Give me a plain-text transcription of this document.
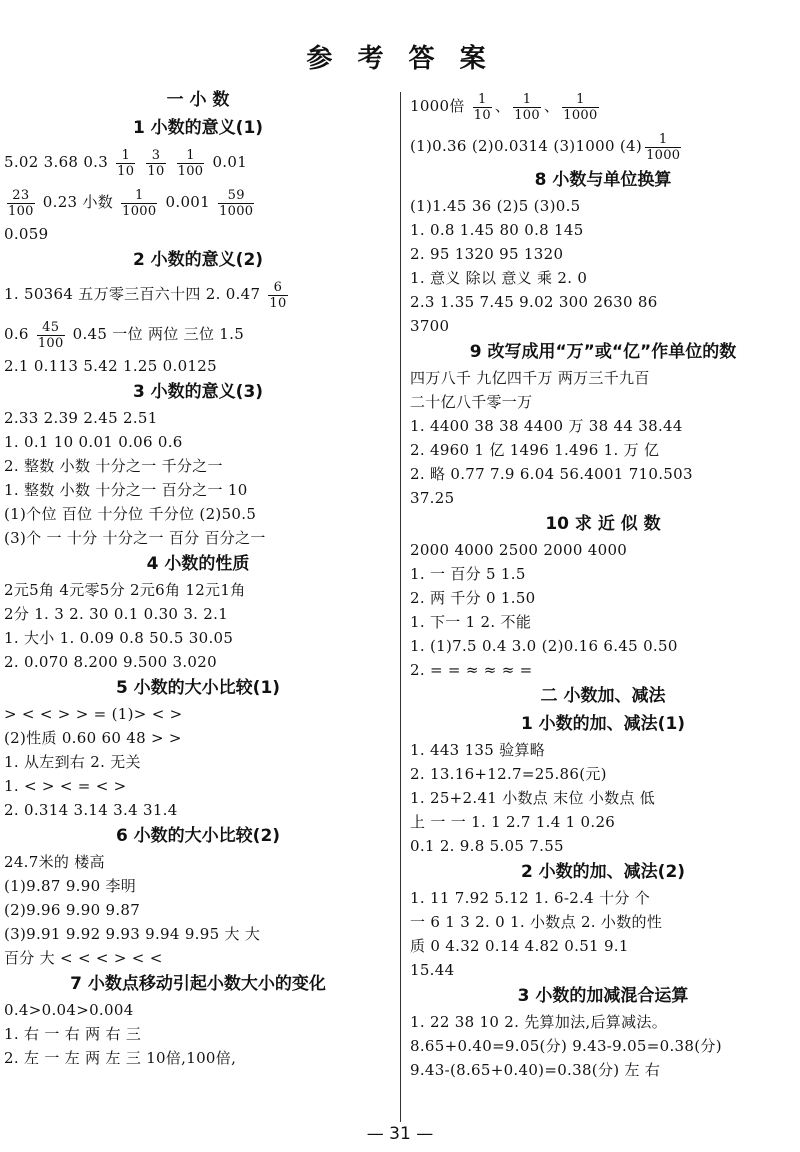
参 考 答 案
一 小 数
1 小数的意义(1)
5.02 3.68 $0.3 \frac{1}{10}$
$\frac{3}{10}$
$\frac{1}{100} 0.01$
$\frac{23}{100} 0.23$ 小数 $\frac{1}{1000} 0.001 \frac{59}{1000}$
0.059
2 小数的意义(2)
1. 50364 五万零三百六十四 2. $0.47 \frac{6}{10}$
$0.6 \frac{45}{100} 0.45$ 一位 两位 三位 1.5
2.1 0.113 5.42 1.25 0.0125
3 小数的意义(3)
2.33 2.39 2.45 2.51
1. 0.1 10 0.01 0.06 0.6
2. 整数 小数 十分之一 千分之一
1. 整数 小数 十分之一 百分之一 10
(1)个位 百位 十分位 千分位 (2)50.5
(3)个 一 十分 十分之一 百分 百分之一
4 小数的性质
2元5角 4元零5分 2元6角 12元1角
2分 1. 3 2. 30 0.1 0.30 3. 2.1
1. 大小 1. 0.09 0.8 50.5 30.05
2. 0.070 8.200 9.500 3.020
5 小数的大小比较(1)
> < < > > = (1)> < >
(2)性质 0.60 60 48 > >
1. 从左到右 2. 无关
1. < > < = < >
2. 0.314 3.14 3.4 31.4
6 小数的大小比较(2)
24.7米的 楼高
(1)9.87 9.90 李明
(2)9.96 9.90 9.87
(3)9.91 9.92 9.93 9.94 9.95 大 大
百分 大 < < < > < <
7 小数点移动引起小数大小的变化
0.4>0.04>0.004
1. 右 一 右 两 右 三
2. 左 一 左 两 左 三 10倍,100倍,
1000倍 $\frac{1}{10}$ 、 $\frac{1}{100}$ 、 $\frac{1}{1000}$
(1)0.36 (2)0.0314 (3)1000 $(4) \frac{1}{1000}$
8 小数与单位换算
(1)1.45 36 (2)5 (3)0.5
1. 0.8 1.45 80 0.8 145
2. 95 1320 95 1320
1. 意义 除以 意义 乘 2. 0
2.3 1.35 7.45 9.02 300 2630 86
3700
9 改写成用“万”或“亿”作单位的数
四万八千 九亿四千万 两万三千九百
二十亿八千零一万
1. 4400 38 38 4400 万 38 44 38.44
2. 4960 1 亿 1496 1.496 1. 万 亿
2. 略 0.77 7.9 6.04 56.4001 710.503
37.25
10 求 近 似 数
2000 4000 2500 2000 4000
1. 一 百分 5 1.5
2. 两 千分 0 1.50
1. 下一 1 2. 不能
1. (1)7.5 0.4 3.0 (2)0.16 6.45 0.50
2. = = ≈ ≈ ≈ =
二 小数加、减法
1 小数的加、减法(1)
1. 443 135 验算略
2. 13.16+12.7=25.86(元)
1. 25+2.41 小数点 末位 小数点 低
上 一 一 1. 1 2.7 1.4 1 0.26
0.1 2. 9.8 5.05 7.55
2 小数的加、减法(2)
1. 11 7.92 5.12 1. 6-2.4 十分 个
一 6 1 3 2. 0 1. 小数点 2. 小数的性
质 0 4.32 0.14 4.82 0.51 9.1
15.44
3 小数的加减混合运算
1. 22 38 10 2. 先算加法,后算减法。
8.65+0.40=9.05(分) 9.43-9.05=0.38(分)
9.43-(8.65+0.40)=0.38(分) 左 右
— 31 —
